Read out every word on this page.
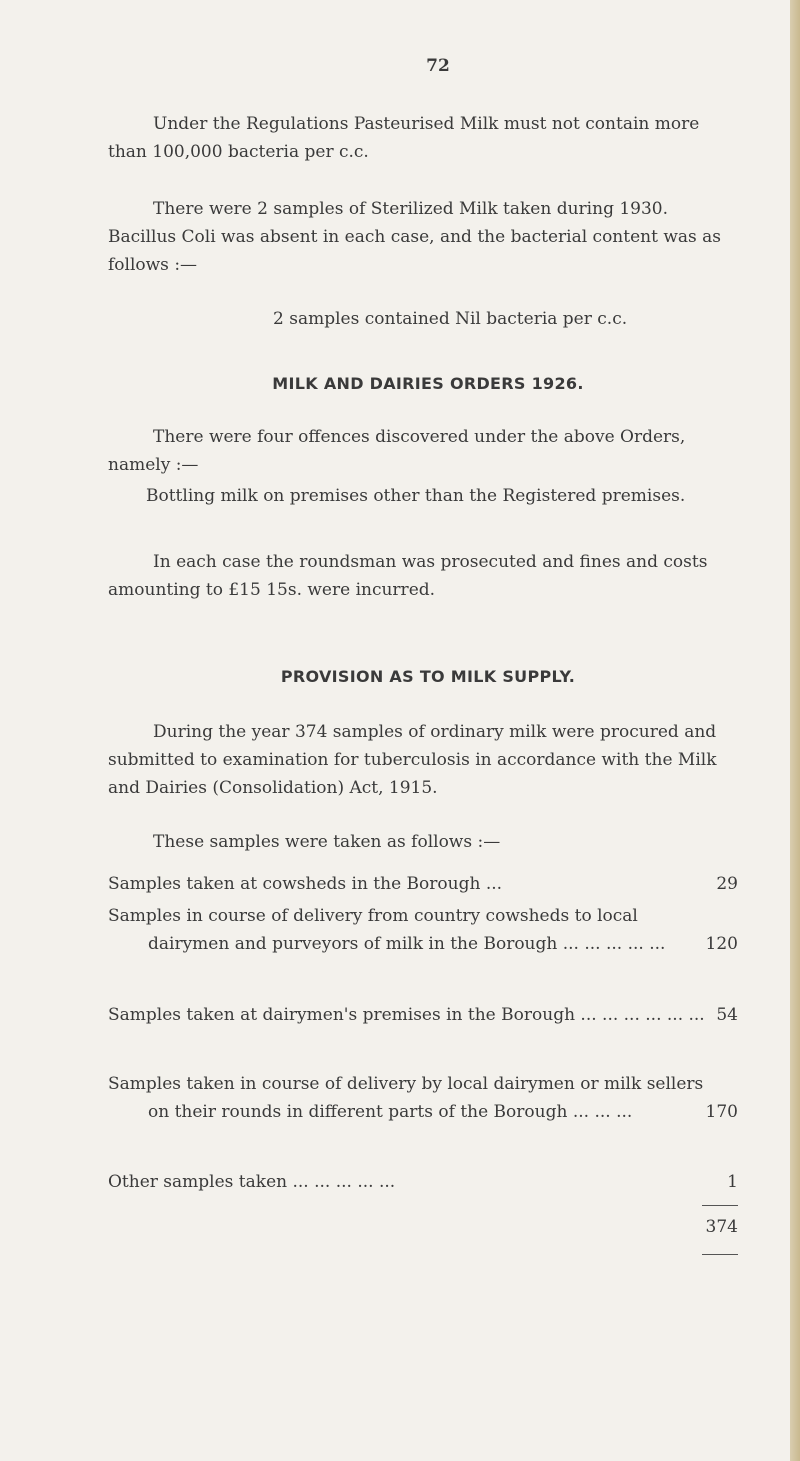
72

Under the Regulations Pasteurised Milk must not contain more than 100,000 bacteria per c.c.

There were 2 samples of Sterilized Milk taken during 1930. Bacillus Coli was absent in each case, and the bacterial content was as follows :—

2 samples contained Nil bacteria per c.c.

MILK AND DAIRIES ORDERS 1926.

There were four offences discovered under the above Orders, namely :—

Bottling milk on premises other than the Registered premises.

In each case the roundsman was prosecuted and fines and costs amounting to £15 15s. were incurred.

PROVISION AS TO MILK SUPPLY.

During the year 374 samples of ordinary milk were procured and submitted to examination for tuberculosis in accordance with the Milk and Dairies (Consolidation) Act, 1915.

These samples were taken as follows :—

Samples taken at cowsheds in the Borough ...	29
Samples in course of delivery from country cowsheds to local dairymen and purveyors of milk in the Borough ... ... ... ... ...	120
Samples taken at dairymen's premises in the Borough ... ... ... ... ... ... 54
Samples taken in course of delivery by local dairymen or milk sellers on their rounds in different parts of the Borough ... ... ...	170
Other samples taken ... ... ... ... ...	1
374
